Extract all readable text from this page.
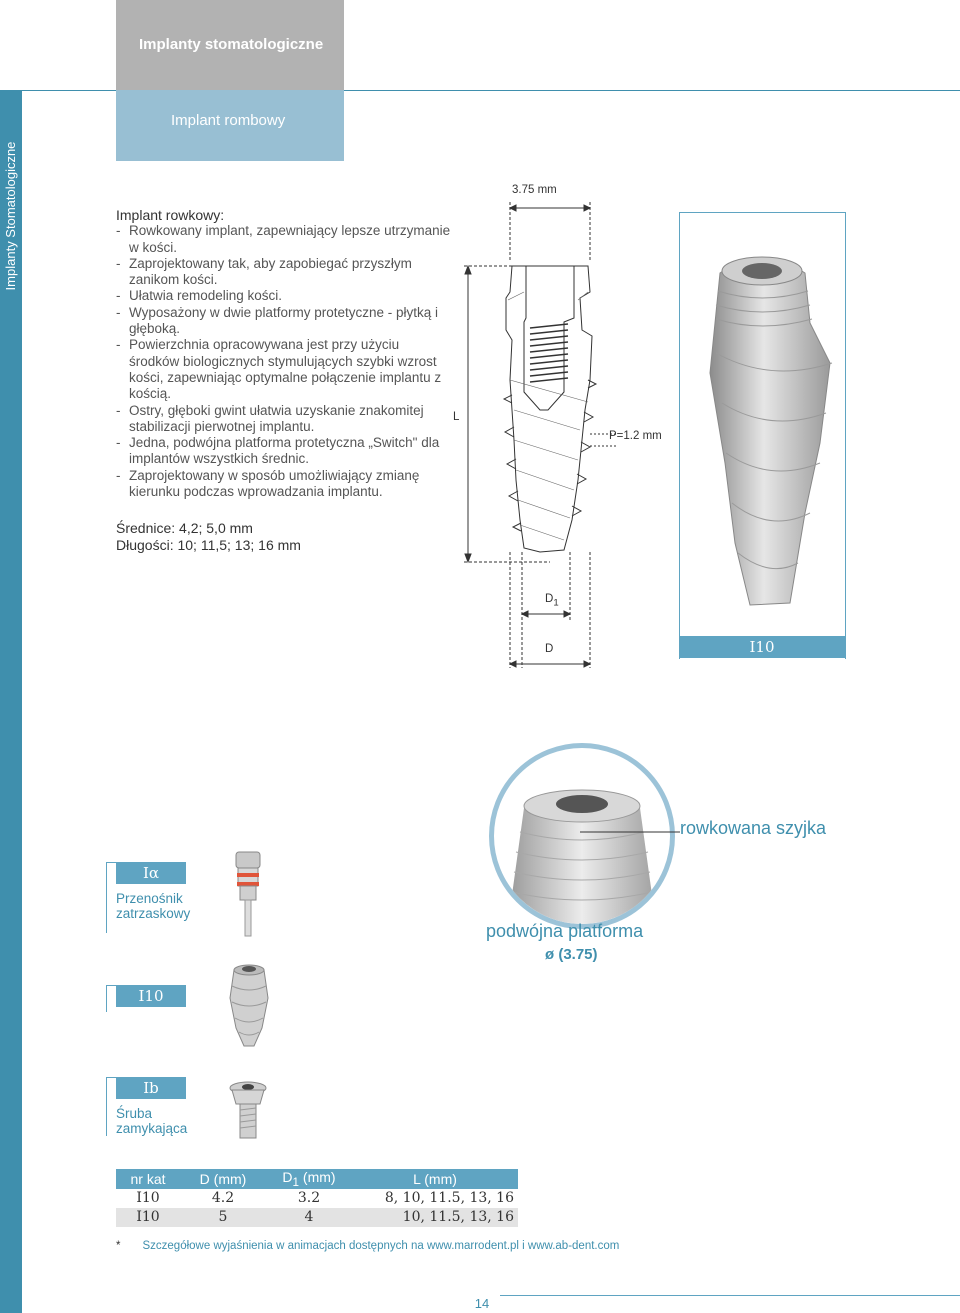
Implanty Stomatologiczne
Implanty stomatologiczne
Implant rombowy
Implant rowkowy:
- Rowkowany implant, zapewniający lepsze utrzymanie w kości.
- Zaprojektowany tak, aby zapobiegać przyszłym zanikom kości.
- Ułatwia remodeling kości.
- Wyposażony w dwie platformy protetyczne - płytką i głęboką.
- Powierzchnia opracowywana jest przy użyciu środków biologicznych stymulujących szybki wzrost kości, zapewniając optymalne połączenie implantu z kością.
- Ostry, głęboki gwint ułatwia uzyskanie znakomitej stabilizacji pierwotnej implantu.
- Jedna, podwójna platforma protetyczna „Switch" dla implantów wszystkich średnic.
- Zaprojektowany w sposób umożliwiający zmianę kierunku podczas wprowadzania implantu.
Średnice: 4,2; 5,0 mm
Długości: 10; 11,5; 13; 16 mm
3.75 mm
L
P=1.2 mm
$D_1$
D	I10
rowkowana szyjka
podwójna platforma
ø (3.75)
Iα
Przenośnik zatrzaskowy
I10
Ib
Śruba zamykająca
nr kat	D (mm)	$D_1$ (mm)	L (mm)
I10	4.2	3.2	8, 10, 11.5, 13, 16
I10	5	4	10, 11.5, 13, 16
* Szczegółowe wyjaśnienia w animacjach dostępnych na www.marrodent.pl i www.ab-dent.com
14
